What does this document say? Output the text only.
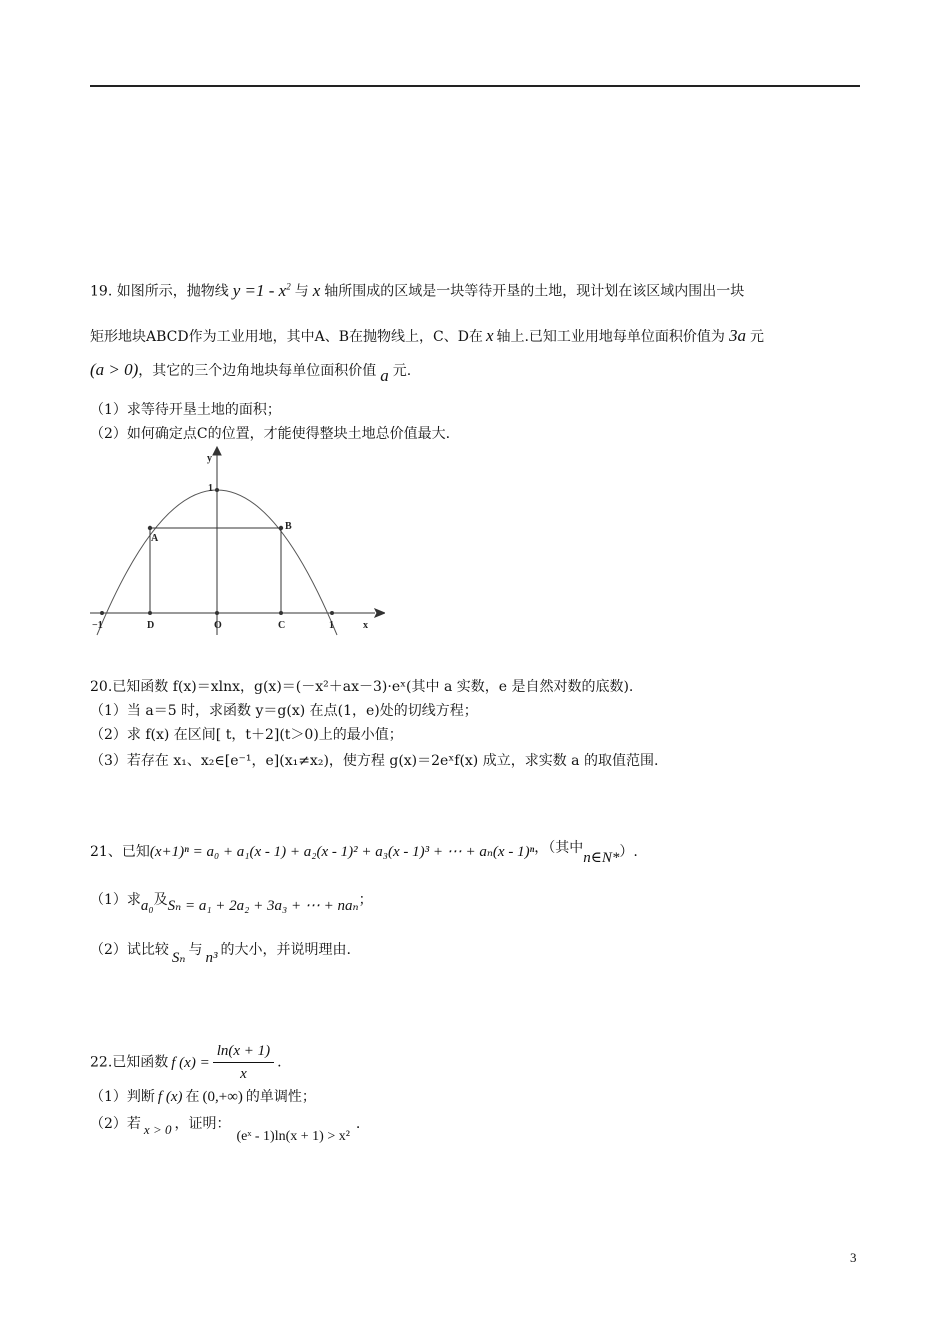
19. 如图所示，抛物线 $y =1 - x^2$ 与 x 轴所围成的区域是一块等待开垦的土地，现计划在该区域内围出一块
矩形地块ABCD作为工业用地，其中A、B在抛物线上，C、D在 x 轴上.已知工业用地每单位面积价值为 3a 元
(a > 0)，其它的三个边角地块每单位面积价值 a 元.
（1）求等待开垦土地的面积；
（2）如何确定点C的位置，才能使得整块土地总价值最大.
y
1
A
B
−1	D	O	C	1	x
20.已知函数 f(x)＝xlnx，g(x)＝(－x²＋ax－3)·eˣ(其中 a 实数，e 是自然对数的底数).
（1）当 a＝5 时，求函数 y＝g(x) 在点(1，e)处的切线方程；
（2）求 f(x) 在区间[ t，t＋2](t＞0)上的最小值；
（3）若存在 x₁、x₂∈[e⁻¹，e](x₁≠x₂)，使方程 g(x)＝2eˣf(x) 成立，求实数 a 的取值范围.
21、已知(x+1)ⁿ = a₀ + a₁(x - 1) + a₂(x - 1)² + a₃(x - 1)³ + ⋯ + aₙ(x - 1)ⁿ，（其中n∈N*）.
（1）求a₀及Sₙ = a₁ + 2a₂ + 3a₃ + ⋯ + naₙ；
（2）试比较 Sₙ 与 n³ 的大小，并说明理由.
22.已知函数 f $(x) = \frac{\ln(x + 1)}{x}$ .
（1）判断 f (x) 在 (0,+∞) 的单调性；
（2）若 x > 0 ，证明：(eˣ - 1)ln(x + 1) > x².
3
